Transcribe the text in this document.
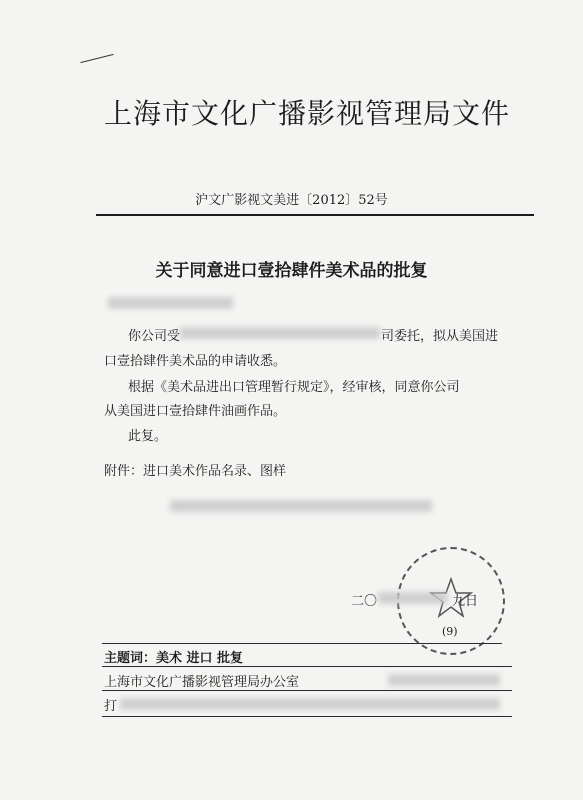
上海市文化广播影视管理局文件
沪文广影视文美进〔2012〕52号
关于同意进口壹拾肆件美术品的批复
你公司受	司委托，拟从美国进
口壹拾肆件美术品的申请收悉。
根据《美术品进出口管理暂行规定》，经审核，同意你公司
从美国进口壹拾肆件油画作品。
此复。
附件：进口美术作品名录、图样
(9)
二〇	九日
主题词：美术 进口 批复
上海市文化广播影视管理局办公室
打
